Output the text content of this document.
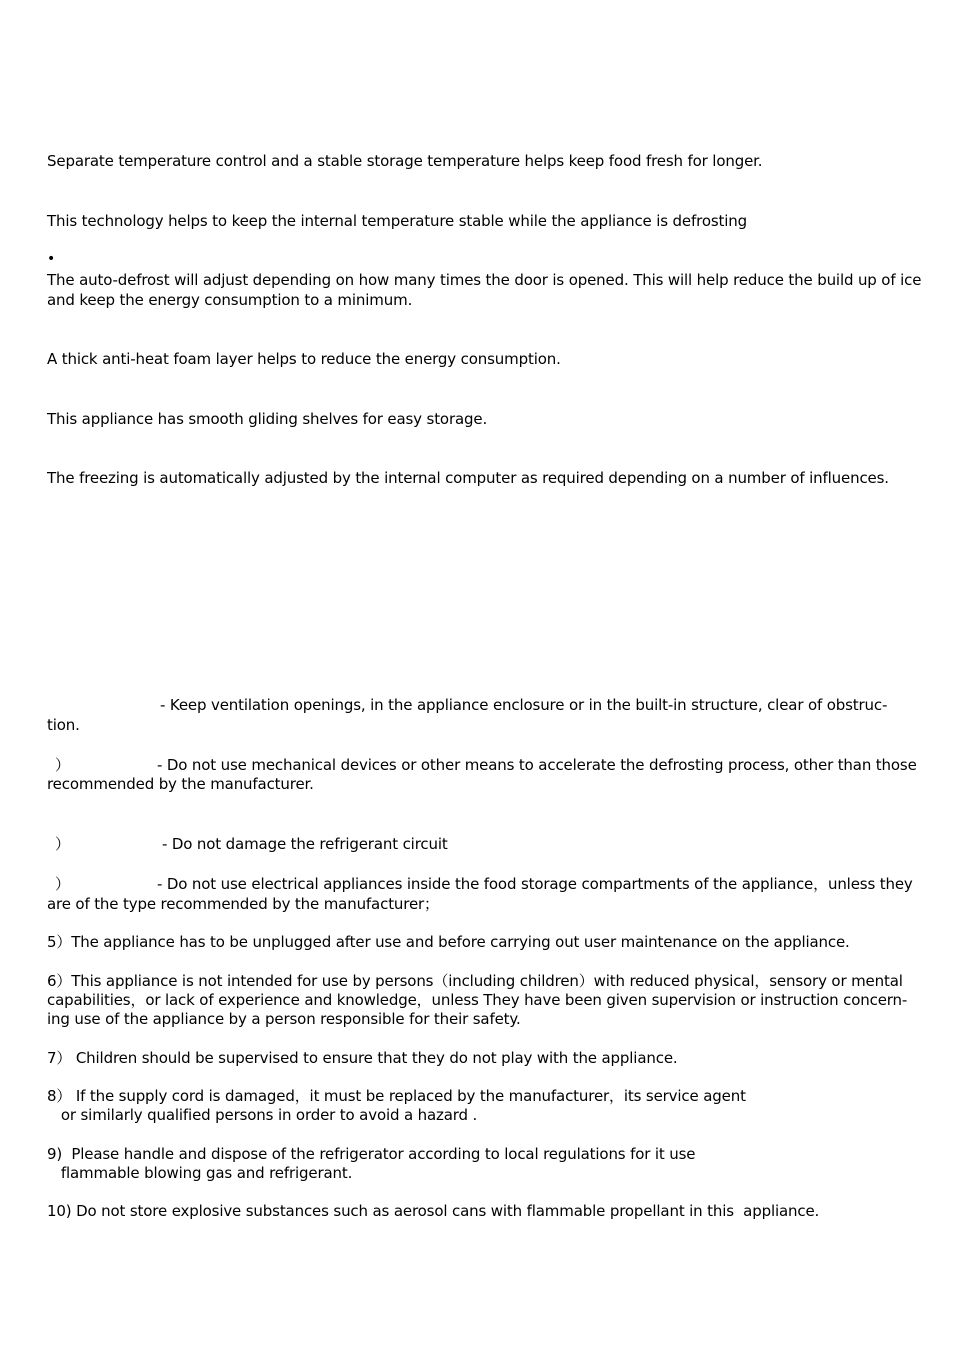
Separate temperature control and a stable storage temperature helps keep food fresh for longer.
This technology helps to keep the internal temperature stable while the appliance is defrosting
•
The auto-defrost will adjust depending on how many times the door is opened. This will help reduce the build up of ice and keep the energy consumption to a minimum.
A thick anti-heat foam layer helps to reduce the energy consumption.
This appliance has smooth gliding shelves for easy storage.
The freezing is automatically adjusted by the internal computer as required depending on a number of influences.
- Keep ventilation openings, in the appliance enclosure or in the built-in structure, clear of obstruc-
tion.
）	- Do not use mechanical devices or other means to accelerate the defrosting process, other than those
recommended by the manufacturer.
）	- Do not damage the refrigerant circuit
）	- Do not use electrical appliances inside the food storage compartments of the appliance，unless they
are of the type recommended by the manufacturer；
5）The appliance has to be unplugged after use and before carrying out user maintenance on the appliance.
6）This appliance is not intended for use by persons（including children）with reduced physical，sensory or mental
capabilities，or lack of experience and knowledge，unless They have been given supervision or instruction concern-
ing use of the appliance by a person responsible for their safety.
7） Children should be supervised to ensure that they do not play with the appliance.
8） If the supply cord is damaged，it must be replaced by the manufacturer，its service agent
or similarly qualified persons in order to avoid a hazard .
9)  Please handle and dispose of the refrigerator according to local regulations for it use
flammable blowing gas and refrigerant.
10) Do not store explosive substances such as aerosol cans with flammable propellant in this  appliance.
